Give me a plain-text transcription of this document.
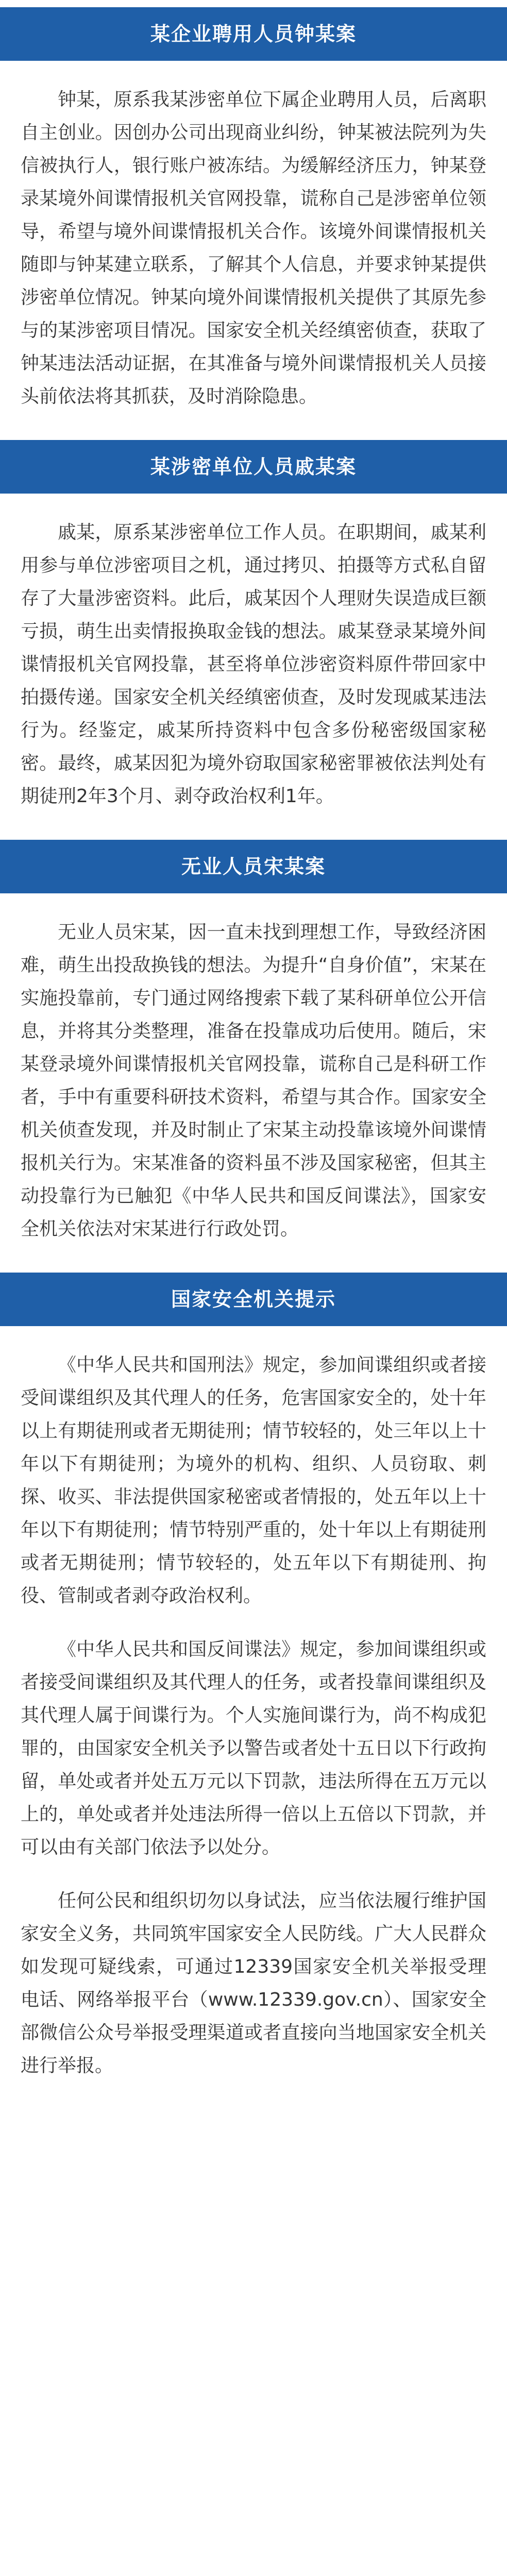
某企业聘用人员钟某案

钟某，原系我某涉密单位下属企业聘用人员，后离职自主创业。因创办公司出现商业纠纷，钟某被法院列为失信被执行人，银行账户被冻结。为缓解经济压力，钟某登录某境外间谍情报机关官网投靠，谎称自己是涉密单位领导，希望与境外间谍情报机关合作。该境外间谍情报机关随即与钟某建立联系，了解其个人信息，并要求钟某提供涉密单位情况。钟某向境外间谍情报机关提供了其原先参与的某涉密项目情况。国家安全机关经缜密侦查，获取了钟某违法活动证据，在其准备与境外间谍情报机关人员接头前依法将其抓获，及时消除隐患。

某涉密单位人员戚某案

戚某，原系某涉密单位工作人员。在职期间，戚某利用参与单位涉密项目之机，通过拷贝、拍摄等方式私自留存了大量涉密资料。此后，戚某因个人理财失误造成巨额亏损，萌生出卖情报换取金钱的想法。戚某登录某境外间谍情报机关官网投靠，甚至将单位涉密资料原件带回家中拍摄传递。国家安全机关经缜密侦查，及时发现戚某违法行为。经鉴定，戚某所持资料中包含多份秘密级国家秘密。最终，戚某因犯为境外窃取国家秘密罪被依法判处有期徒刑2年3个月、剥夺政治权利1年。

无业人员宋某案

无业人员宋某，因一直未找到理想工作，导致经济困难，萌生出投敌换钱的想法。为提升“自身价值”，宋某在实施投靠前，专门通过网络搜索下载了某科研单位公开信息，并将其分类整理，准备在投靠成功后使用。随后，宋某登录境外间谍情报机关官网投靠，谎称自己是科研工作者，手中有重要科研技术资料，希望与其合作。国家安全机关侦查发现，并及时制止了宋某主动投靠该境外间谍情报机关行为。宋某准备的资料虽不涉及国家秘密，但其主动投靠行为已触犯《中华人民共和国反间谍法》，国家安全机关依法对宋某进行行政处罚。

国家安全机关提示

《中华人民共和国刑法》规定，参加间谍组织或者接受间谍组织及其代理人的任务，危害国家安全的，处十年以上有期徒刑或者无期徒刑；情节较轻的，处三年以上十年以下有期徒刑；为境外的机构、组织、人员窃取、刺探、收买、非法提供国家秘密或者情报的，处五年以上十年以下有期徒刑；情节特别严重的，处十年以上有期徒刑或者无期徒刑；情节较轻的，处五年以下有期徒刑、拘役、管制或者剥夺政治权利。

《中华人民共和国反间谍法》规定，参加间谍组织或者接受间谍组织及其代理人的任务，或者投靠间谍组织及其代理人属于间谍行为。个人实施间谍行为，尚不构成犯罪的，由国家安全机关予以警告或者处十五日以下行政拘留，单处或者并处五万元以下罚款，违法所得在五万元以上的，单处或者并处违法所得一倍以上五倍以下罚款，并可以由有关部门依法予以处分。

任何公民和组织切勿以身试法，应当依法履行维护国家安全义务，共同筑牢国家安全人民防线。广大人民群众如发现可疑线索，可通过12339国家安全机关举报受理电话、网络举报平台（www.12339.gov.cn）、国家安全部微信公众号举报受理渠道或者直接向当地国家安全机关进行举报。
